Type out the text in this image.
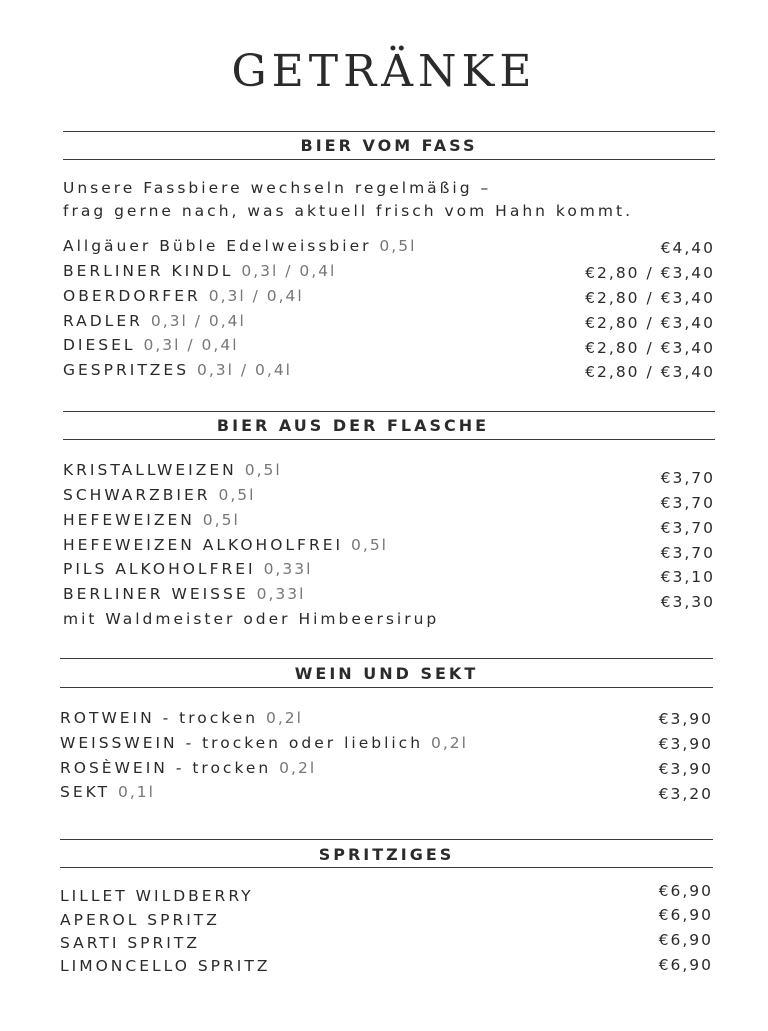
GETRÄNKE
BIER VOM FASS
Unsere Fassbiere wechseln regelmäßig –
frag gerne nach, was aktuell frisch vom Hahn kommt.
Allgäuer Büble Edelweissbier 0,5l	€4,40
BERLINER KINDL 0,3l / 0,4l	€2,80 / €3,40
OBERDORFER 0,3l / 0,4l	€2,80 / €3,40
RADLER 0,3l / 0,4l	€2,80 / €3,40
DIESEL 0,3l / 0,4l	€2,80 / €3,40
GESPRITZES 0,3l / 0,4l	€2,80 / €3,40
BIER AUS DER FLASCHE
KRISTALLWEIZEN 0,5l	€3,70
SCHWARZBIER 0,5l	€3,70
HEFEWEIZEN 0,5l	€3,70
HEFEWEIZEN ALKOHOLFREI 0,5l	€3,70
PILS ALKOHOLFREI 0,33l	€3,10
BERLINER WEISSE 0,33l	€3,30
mit Waldmeister oder Himbeersirup
WEIN UND SEKT
ROTWEIN - trocken 0,2l	€3,90
WEISSWEIN - trocken oder lieblich 0,2l	€3,90
ROSÈWEIN - trocken 0,2l	€3,90
SEKT 0,1l	€3,20
SPRITZIGES
LILLET WILDBERRY	€6,90
APEROL SPRITZ	€6,90
SARTI SPRITZ	€6,90
LIMONCELLO SPRITZ	€6,90
